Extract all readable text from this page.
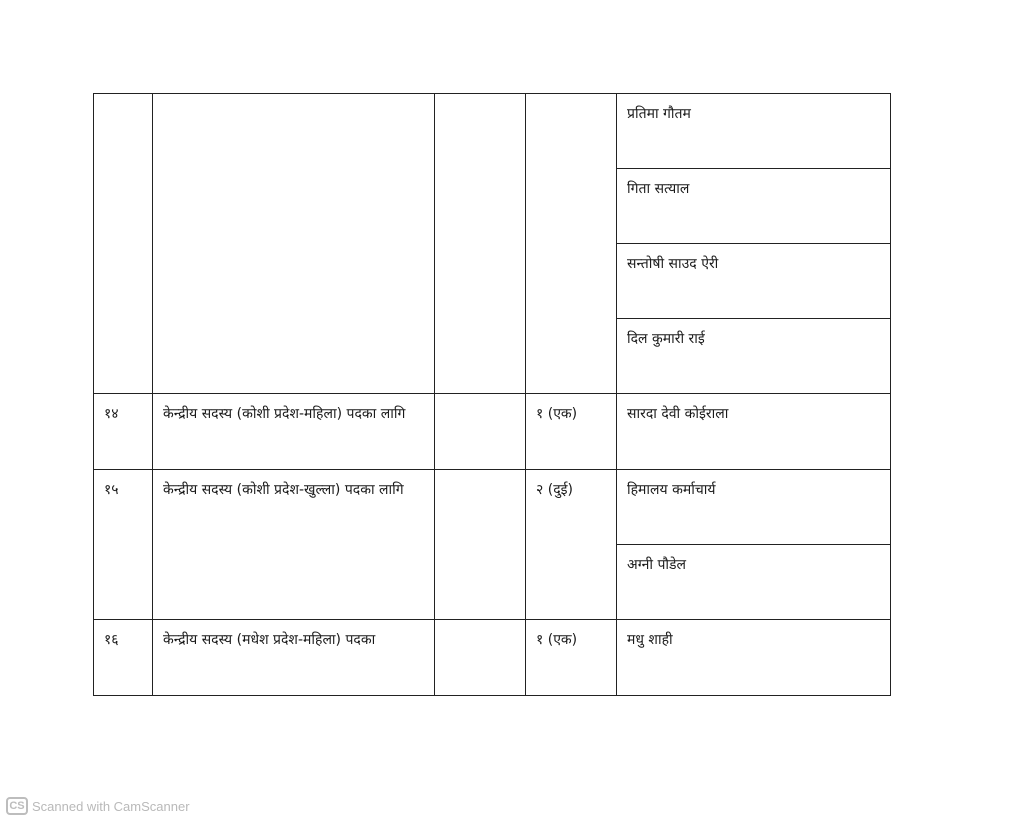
				प्रतिमा गौतम
				गिता सत्याल
				सन्तोषी साउद ऐरी
				दिल कुमारी राई
१४	केन्द्रीय सदस्य (कोशी प्रदेश-महिला) पदका लागि		१ (एक)	सारदा देवी कोईराला
१५	केन्द्रीय सदस्य (कोशी प्रदेश-खुल्ला) पदका लागि		२ (दुई)	हिमालय कर्माचार्य
				अग्नी पौडेल
१६	केन्द्रीय सदस्य (मधेश प्रदेश-महिला) पदका		१ (एक)	मधु शाही
CS Scanned with CamScanner
